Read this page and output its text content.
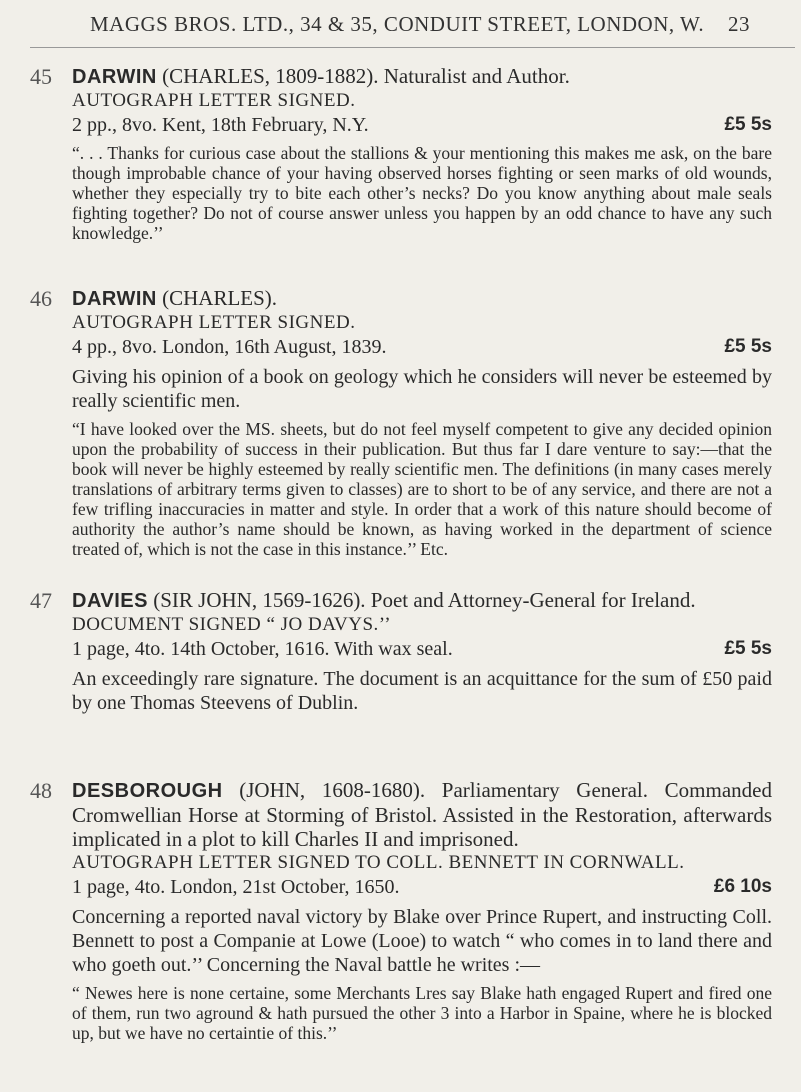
MAGGS BROS. LTD., 34 & 35, CONDUIT STREET, LONDON, W. 23
45	DARWIN (CHARLES, 1809-1882). Naturalist and Author.
AUTOGRAPH LETTER SIGNED.
2 pp., 8vo. Kent, 18th February, N.Y.	£5 5s
“. . . Thanks for curious case about the stallions & your mentioning this makes me ask, on the bare though improbable chance of your having observed horses fighting or seen marks of old wounds, whether they especially try to bite each other’s necks? Do you know anything about male seals fighting together? Do not of course answer unless you happen by an odd chance to have any such knowledge.’’
46	DARWIN (CHARLES).
AUTOGRAPH LETTER SIGNED.
4 pp., 8vo. London, 16th August, 1839.	£5 5s
Giving his opinion of a book on geology which he considers will never be esteemed by really scientific men.
“I have looked over the MS. sheets, but do not feel myself competent to give any decided opinion upon the probability of success in their publication. But thus far I dare venture to say:—that the book will never be highly esteemed by really scientific men. The definitions (in many cases merely translations of arbitrary terms given to classes) are to short to be of any service, and there are not a few trifling inaccuracies in matter and style. In order that a work of this nature should become of authority the author’s name should be known, as having worked in the department of science treated of, which is not the case in this instance.’’ Etc.
47	DAVIES (SIR JOHN, 1569-1626). Poet and Attorney-General for Ireland.
DOCUMENT SIGNED “ JO DAVYS.’’
1 page, 4to. 14th October, 1616. With wax seal.	£5 5s
An exceedingly rare signature. The document is an acquittance for the sum of £50 paid by one Thomas Steevens of Dublin.
48	DESBOROUGH (JOHN, 1608-1680). Parliamentary General. Commanded Cromwellian Horse at Storming of Bristol. Assisted in the Restoration, afterwards implicated in a plot to kill Charles II and imprisoned.
AUTOGRAPH LETTER SIGNED TO COLL. BENNETT IN CORNWALL.
1 page, 4to. London, 21st October, 1650.	£6 10s
Concerning a reported naval victory by Blake over Prince Rupert, and instructing Coll. Bennett to post a Companie at Lowe (Looe) to watch “ who comes in to land there and who goeth out.’’ Concerning the Naval battle he writes :—
“ Newes here is none certaine, some Merchants Lres say Blake hath engaged Rupert and fired one of them, run two aground & hath pursued the other 3 into a Harbor in Spaine, where he is blocked up, but we have no certaintie of this.’’
